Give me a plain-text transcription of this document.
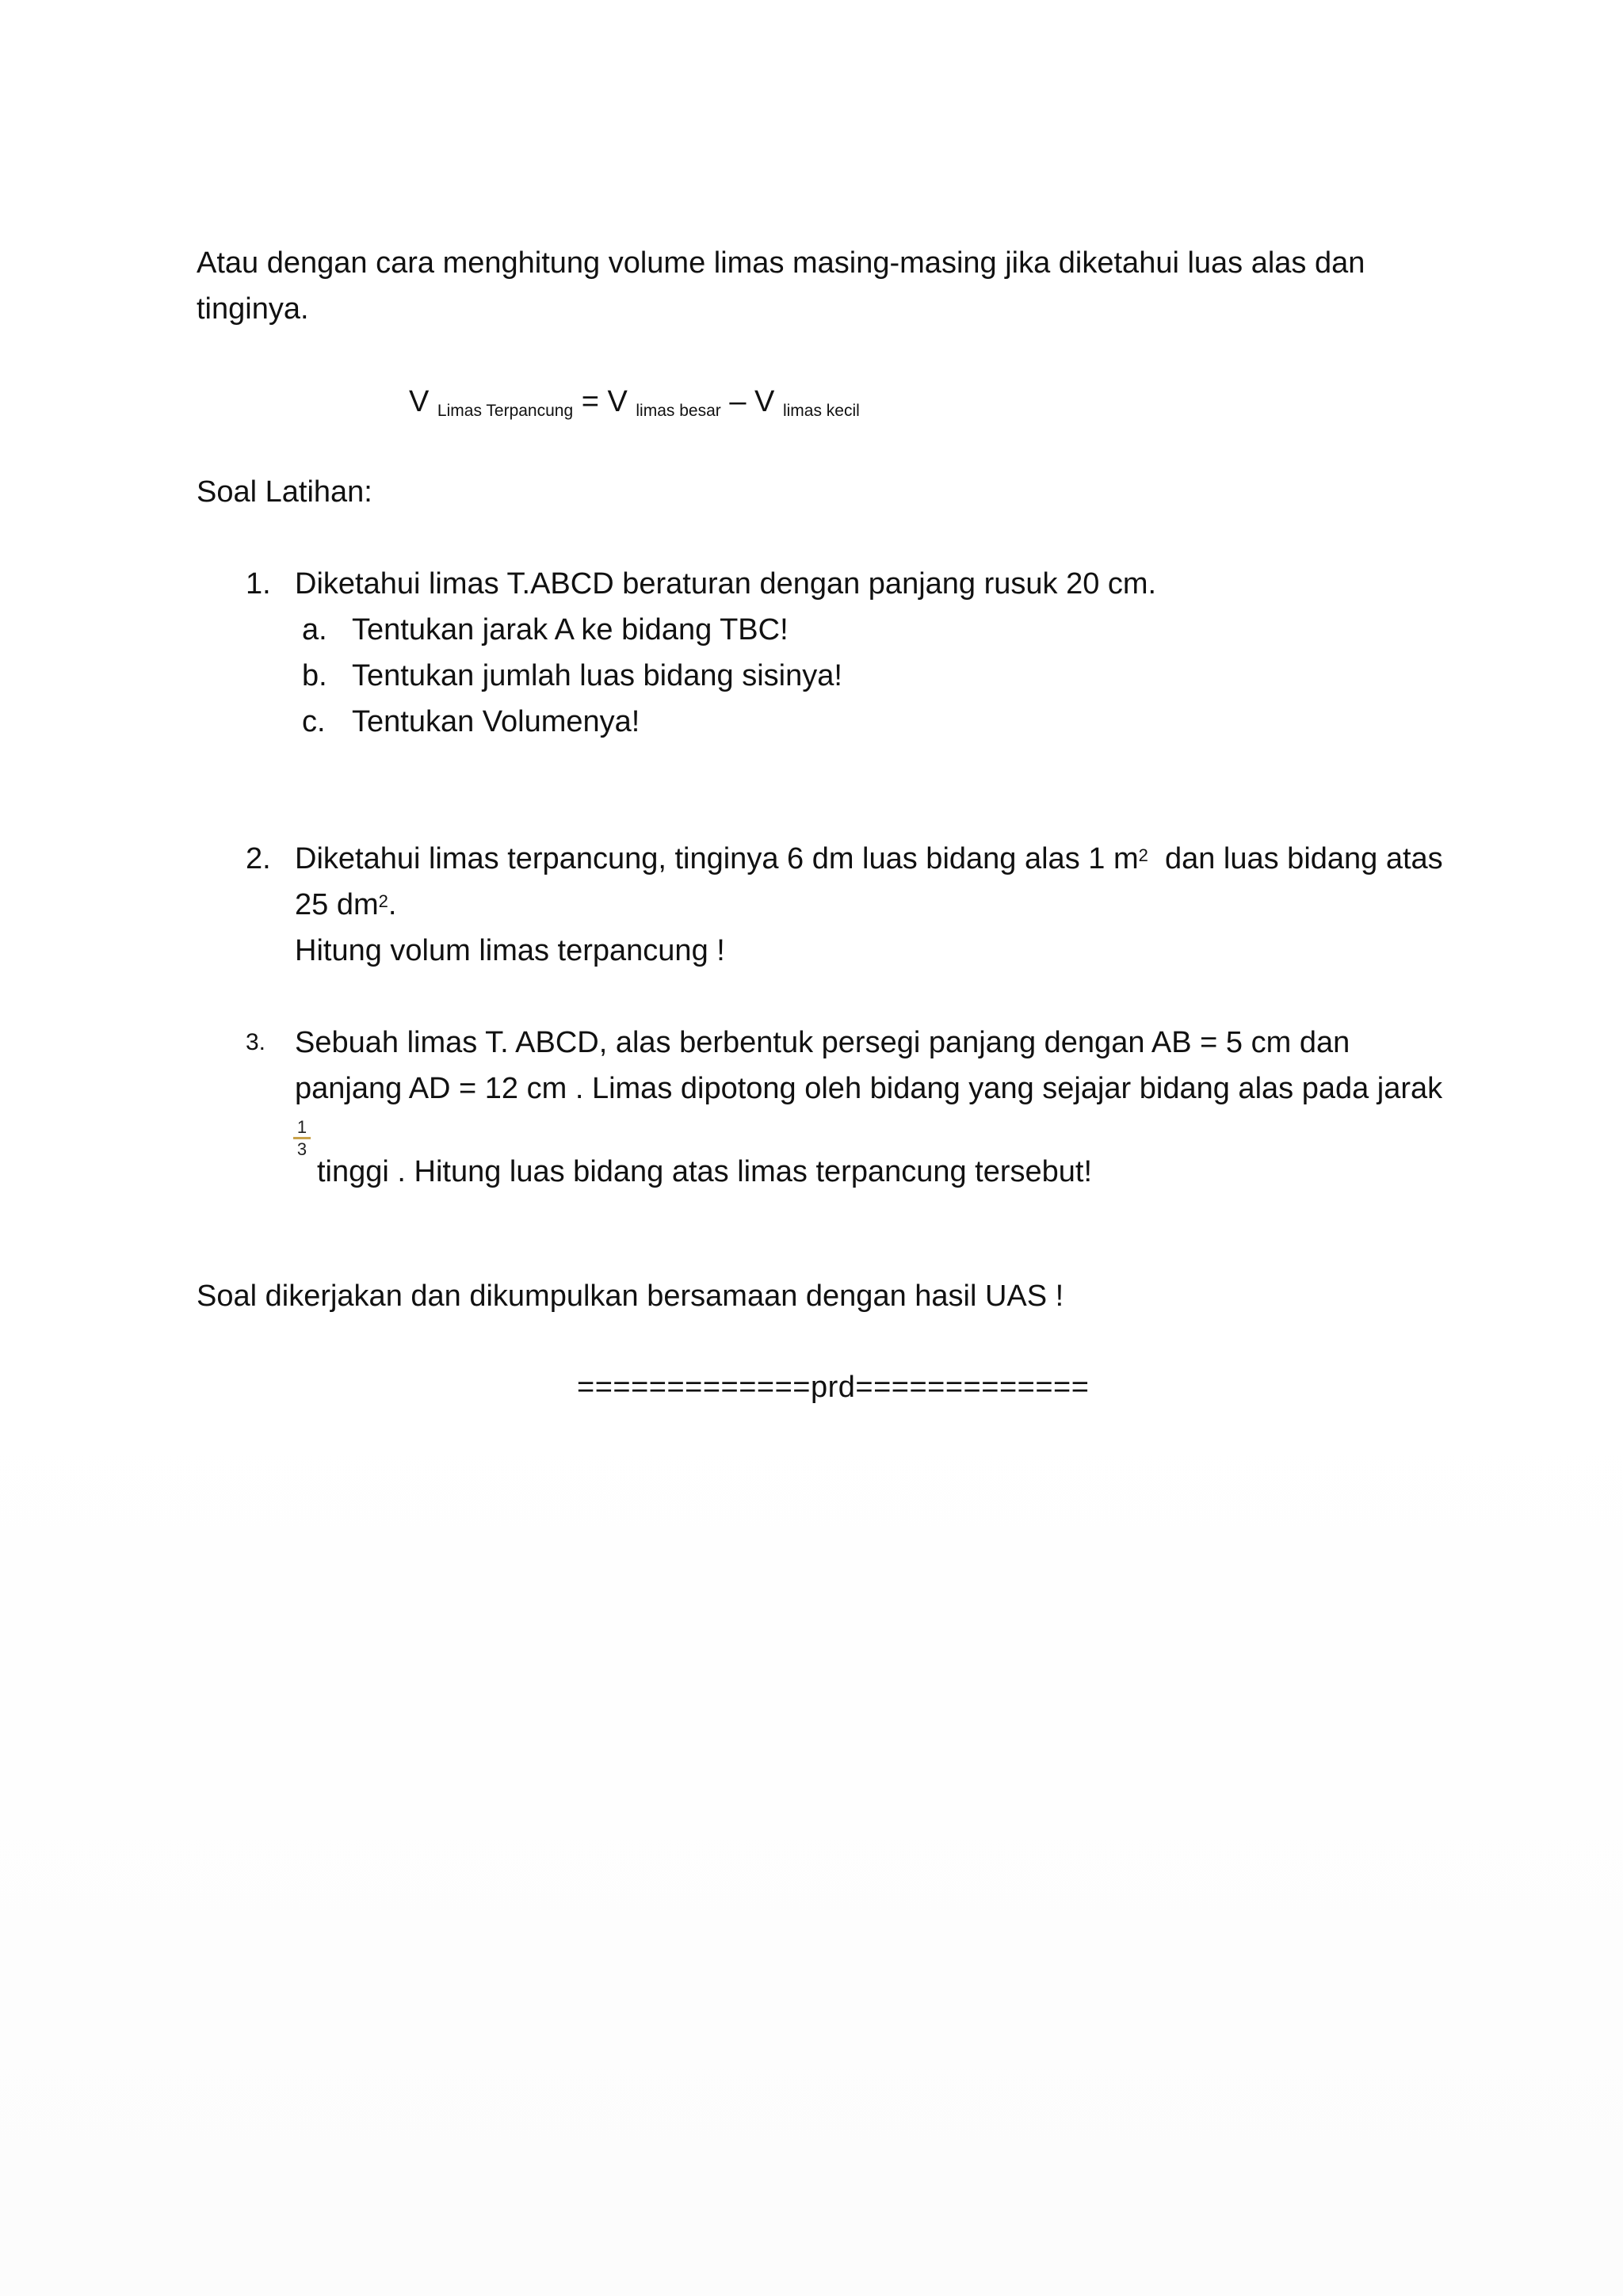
Atau dengan cara menghitung volume limas masing-masing jika diketahui luas alas dan tinginya.
V Limas Terpancung = V limas besar – V limas kecil
Soal Latihan:
1. Diketahui limas T.ABCD beraturan dengan panjang rusuk 20 cm.
a. Tentukan jarak A ke bidang TBC!
b. Tentukan jumlah luas bidang sisinya!
c. Tentukan Volumenya!
2. Diketahui limas terpancung, tinginya 6 dm luas bidang alas 1 $m^2$  dan luas bidang atas
25 $dm^2$.
Hitung volum limas terpancung !
3. Sebuah limas T. ABCD, alas berbentuk persegi panjang dengan AB = 5 cm dan
panjang AD = 12 cm . Limas dipotong oleh bidang yang sejajar bidang alas pada jarak
1
3
tinggi . Hitung luas bidang atas limas terpancung tersebut!
Soal dikerjakan dan dikumpulkan bersamaan dengan hasil UAS !
=============prd=============
